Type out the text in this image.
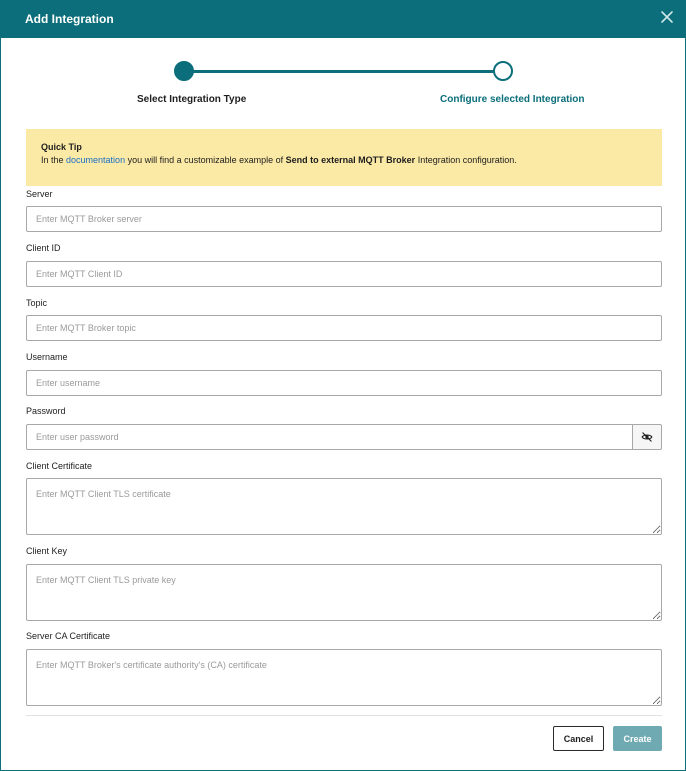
Add Integration
Select Integration Type	Configure selected Integration
Quick Tip
In the documentation you will find a customizable example of Send to external MQTT Broker Integration configuration.
Server
Enter MQTT Broker server
Client ID
Enter MQTT Client ID
Topic
Enter MQTT Broker topic
Username
Enter username
Password
Client Certificate
Enter MQTT Client TLS certificate
Client Key
Enter MQTT Client TLS private key
Server CA Certificate
Enter MQTT Broker's certificate authority's (CA) certificate
Cancel	Create
